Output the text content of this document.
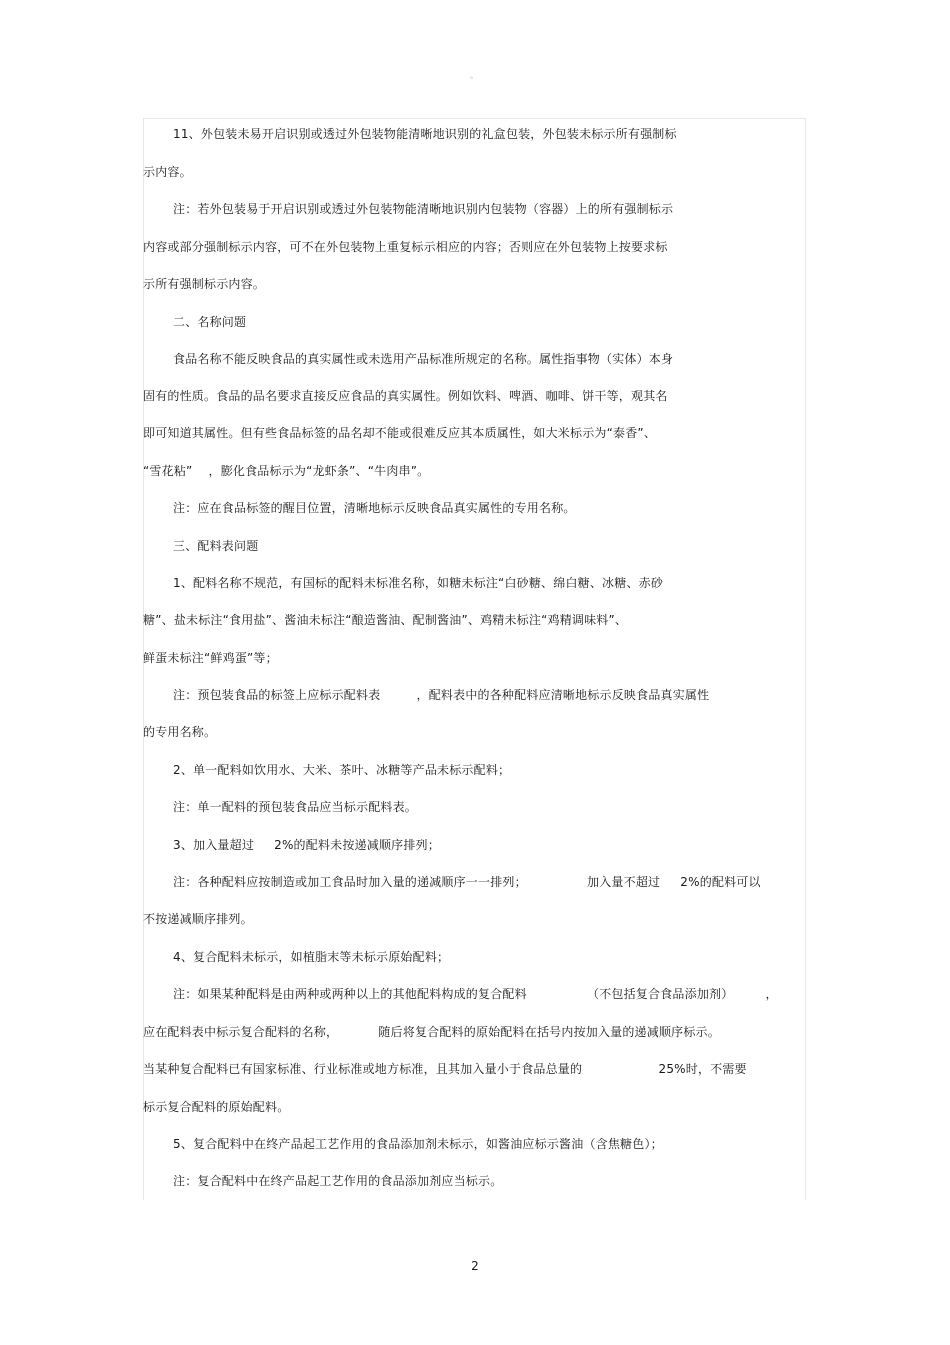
。
11、外包装未易开启识别或透过外包装物能清晰地识别的礼盒包装，外包装未标示所有强制标
示内容。
注：若外包装易于开启识别或透过外包装物能清晰地识别内包装物（容器）上的所有强制标示
内容或部分强制标示内容，可不在外包装物上重复标示相应的内容；否则应在外包装物上按要求标
示所有强制标示内容。
二、名称问题
食品名称不能反映食品的真实属性或未选用产品标准所规定的名称。属性指事物（实体）本身
固有的性质。食品的品名要求直接反应食品的真实属性。例如饮料、啤酒、咖啡、饼干等，观其名
即可知道其属性。但有些食品标签的品名却不能或很难反应其本质属性，如大米标示为“泰香”、
“雪花粘”    ，膨化食品标示为“龙虾条”、“牛肉串”。
注：应在食品标签的醒目位置，清晰地标示反映食品真实属性的专用名称。
三、配料表问题
1、配料名称不规范，有国标的配料未标准名称，如糖未标注“白砂糖、绵白糖、冰糖、赤砂
糖”、盐未标注“食用盐”、酱油未标注“酿造酱油、配制酱油”、鸡精未标注“鸡精调味料”、
鲜蛋未标注“鲜鸡蛋”等；
注：预包装食品的标签上应标示配料表         ，配料表中的各种配料应清晰地标示反映食品真实属性
的专用名称。
2、单一配料如饮用水、大米、茶叶、冰糖等产品未标示配料；
注：单一配料的预包装食品应当标示配料表。
3、加入量超过     2%的配料未按递减顺序排列；
注：各种配料应按制造或加工食品时加入量的递减顺序一一排列；               加入量不超过     2%的配料可以
不按递减顺序排列。
4、复合配料未标示，如植脂末等未标示原始配料；
注：如果某种配料是由两种或两种以上的其他配料构成的复合配料               （不包括复合食品添加剂）        ，
应在配料表中标示复合配料的名称，          随后将复合配料的原始配料在括号内按加入量的递减顺序标示。
当某种复合配料已有国家标准、行业标准或地方标准，且其加入量小于食品总量的                   25%时，不需要
标示复合配料的原始配料。
5、复合配料中在终产品起工艺作用的食品添加剂未标示，如酱油应标示酱油（含焦糖色）；
注：复合配料中在终产品起工艺作用的食品添加剂应当标示。
2
